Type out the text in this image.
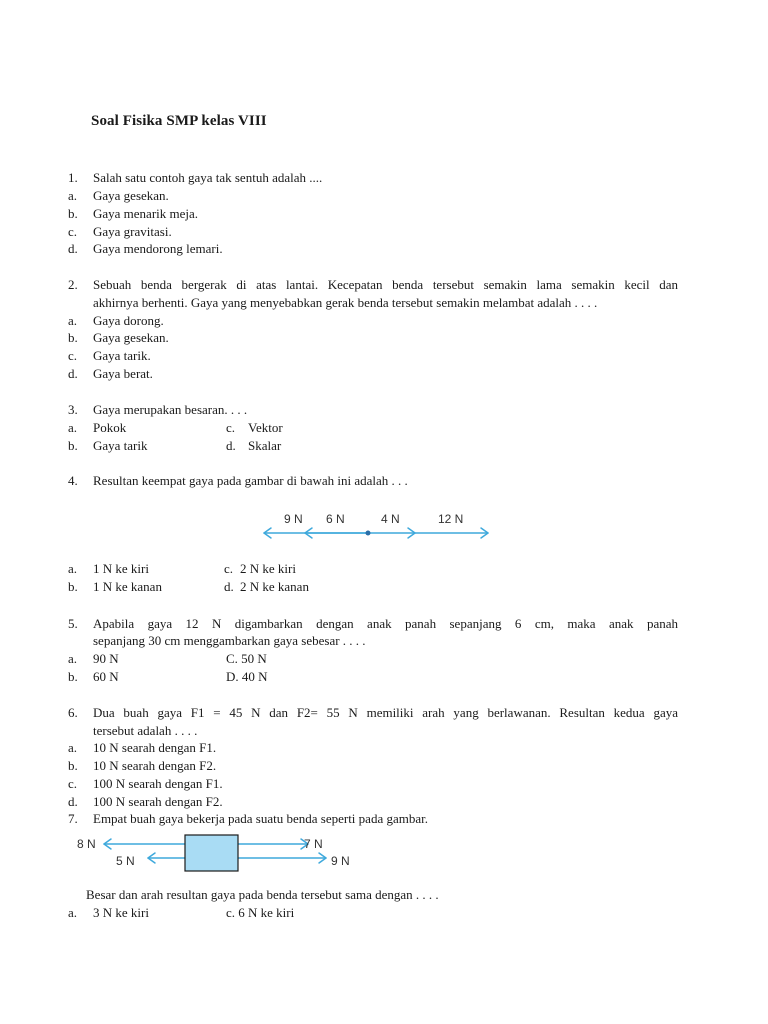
Soal Fisika SMP kelas VIII
1. Salah satu contoh gaya tak sentuh adalah ....
a. Gaya gesekan.
b. Gaya menarik meja.
c. Gaya gravitasi.
d. Gaya mendorong lemari.
2. Sebuah benda bergerak di atas lantai. Kecepatan benda tersebut semakin lama semakin kecil dan
akhirnya berhenti. Gaya yang menyebabkan gerak benda tersebut semakin melambat adalah . . . .
a. Gaya dorong.
b. Gaya gesekan.
c. Gaya tarik.
d. Gaya berat.
3. Gaya merupakan besaran. . . .
a. Pokok	c. Vektor
b. Gaya tarik	d. Skalar
4. Resultan keempat gaya pada gambar di bawah ini adalah . . .
9 N 6 N	4 N	12 N
a. 1 N ke kiri	c. 2 N ke kiri
b. 1 N ke kanan	d. 2 N ke kanan
5. Apabila gaya 12 N digambarkan dengan anak panah sepanjang 6 cm, maka anak panah
sepanjang 30 cm menggambarkan gaya sebesar . . . .
a. 90 N	C. 50 N
b. 60 N	D. 40 N
6. Dua buah gaya F1 = 45 N dan F2= 55 N memiliki arah yang berlawanan. Resultan kedua gaya
tersebut adalah . . . .
a. 10 N searah dengan F1.
b. 10 N searah dengan F2.
c. 100 N searah dengan F1.
d. 100 N searah dengan F2.
7. Empat buah gaya bekerja pada suatu benda seperti pada gambar.
8 N
5 N
7 N
9 N
Besar dan arah resultan gaya pada benda tersebut sama dengan . . . .
a. 3 N ke kiri	c. 6 N ke kiri
